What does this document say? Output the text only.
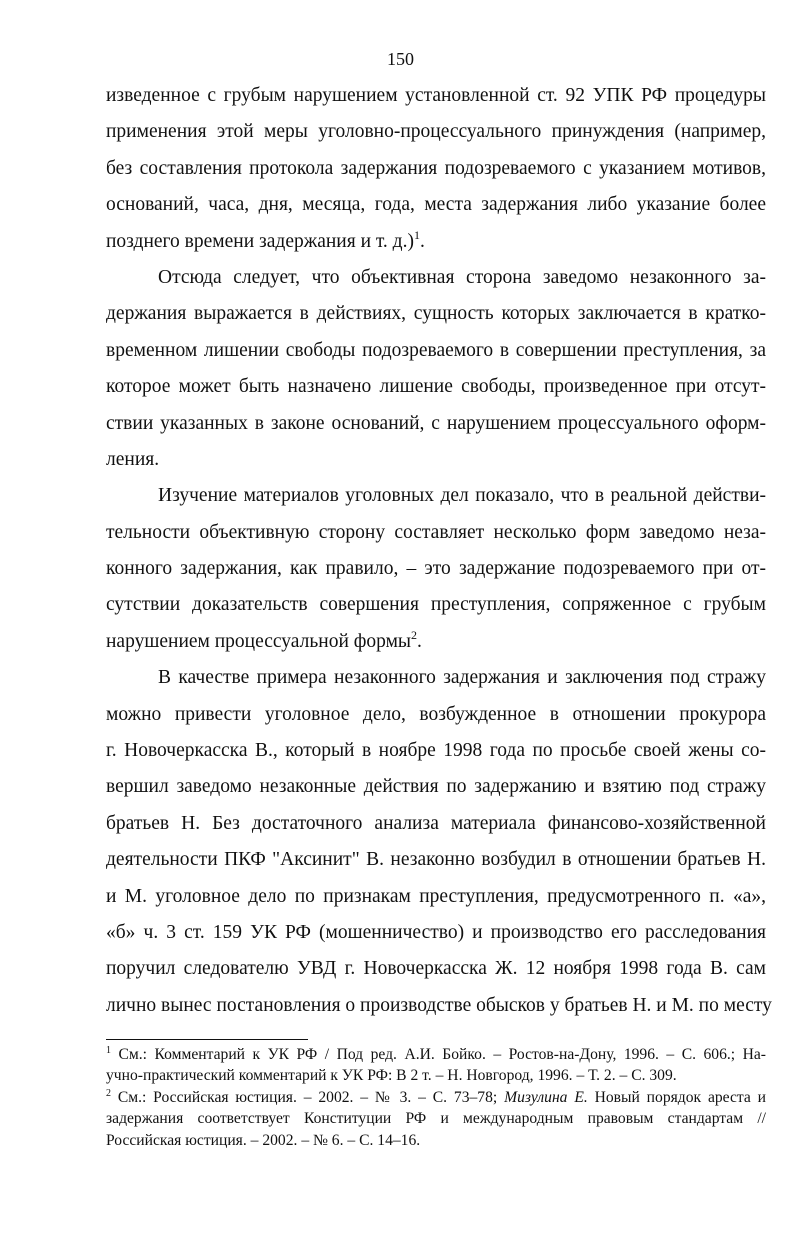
150
изведенное с грубым нарушением установленной ст. 92 УПК РФ процедуры
применения этой меры уголовно-процессуального принуждения (например,
без составления протокола задержания подозреваемого с указанием мотивов,
оснований, часа, дня, месяца, года, места задержания либо указание более
позднего времени задержания и т. д.)$^1$.
Отсюда следует, что объективная сторона заведомо незаконного за-
держания выражается в действиях, сущность которых заключается в кратко-
временном лишении свободы подозреваемого в совершении преступления, за
которое может быть назначено лишение свободы, произведенное при отсут-
ствии указанных в законе оснований, с нарушением процессуального оформ-
ления.
Изучение материалов уголовных дел показало, что в реальной действи-
тельности объективную сторону составляет несколько форм заведомо неза-
конного задержания, как правило, – это задержание подозреваемого при от-
сутствии доказательств совершения преступления, сопряженное с грубым
нарушением процессуальной формы$^2$.
В качестве примера незаконного задержания и заключения под стражу
можно привести уголовное дело, возбужденное в отношении прокурора
г. Новочеркасска В., который в ноябре 1998 года по просьбе своей жены со-
вершил заведомо незаконные действия по задержанию и взятию под стражу
братьев Н. Без достаточного анализа материала финансово-хозяйственной
деятельности ПКФ "Аксинит" В. незаконно возбудил в отношении братьев Н.
и М. уголовное дело по признакам преступления, предусмотренного п. «а»,
«б» ч. 3 ст. 159 УК РФ (мошенничество) и производство его расследования
поручил следователю УВД г. Новочеркасска Ж. 12 ноября 1998 года В. сам
лично вынес постановления о производстве обысков у братьев Н. и М. по месту
$^1$ См.: Комментарий к УК РФ / Под ред. А.И. Бойко. – Ростов-на-Дону, 1996. – С. 606.; На-
учно-практический комментарий к УК РФ: В 2 т. – Н. Новгород, 1996. – Т. 2. – С. 309.
$^2$ См.: Российская юстиция. – 2002. – № 3. – С. 73–78; Мизулина Е. Новый порядок ареста и
задержания соответствует Конституции РФ и международным правовым стандартам //
Российская юстиция. – 2002. – № 6. – С. 14–16.
